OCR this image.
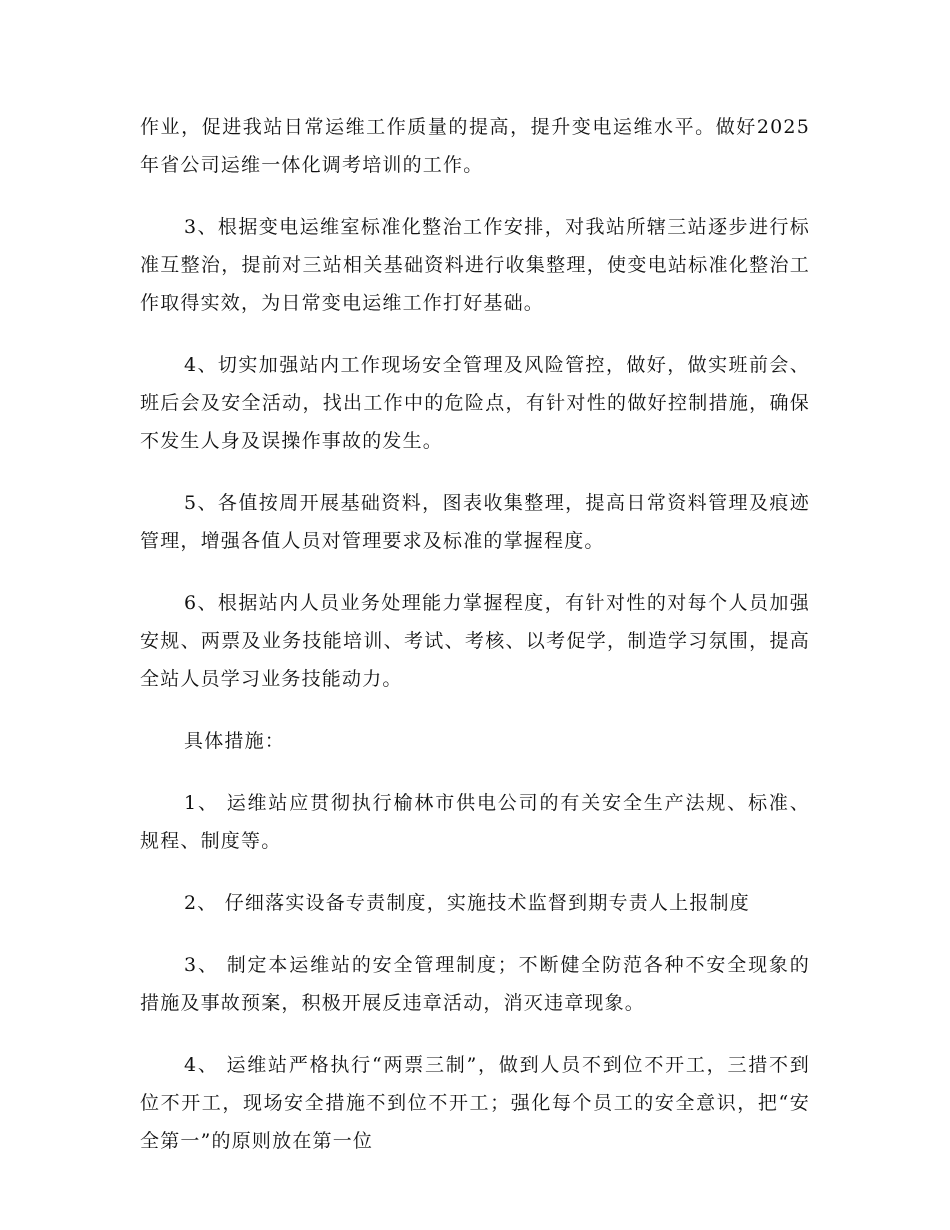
作业，促进我站日常运维工作质量的提高，提升变电运维水平。做好2025年省公司运维一体化调考培训的工作。

3、根据变电运维室标准化整治工作安排，对我站所辖三站逐步进行标准互整治，提前对三站相关基础资料进行收集整理，使变电站标准化整治工作取得实效，为日常变电运维工作打好基础。

4、切实加强站内工作现场安全管理及风险管控，做好，做实班前会、班后会及安全活动，找出工作中的危险点，有针对性的做好控制措施，确保不发生人身及误操作事故的发生。

5、各值按周开展基础资料，图表收集整理，提高日常资料管理及痕迹管理，增强各值人员对管理要求及标准的掌握程度。

6、根据站内人员业务处理能力掌握程度，有针对性的对每个人员加强安规、两票及业务技能培训、考试、考核、以考促学，制造学习氛围，提高全站人员学习业务技能动力。

具体措施：

1、 运维站应贯彻执行榆林市供电公司的有关安全生产法规、标准、规程、制度等。

2、 仔细落实设备专责制度，实施技术监督到期专责人上报制度

3、 制定本运维站的安全管理制度；不断健全防范各种不安全现象的措施及事故预案，积极开展反违章活动，消灭违章现象。

4、 运维站严格执行“两票三制”，做到人员不到位不开工，三措不到位不开工，现场安全措施不到位不开工；强化每个员工的安全意识，把“安全第一”的原则放在第一位
